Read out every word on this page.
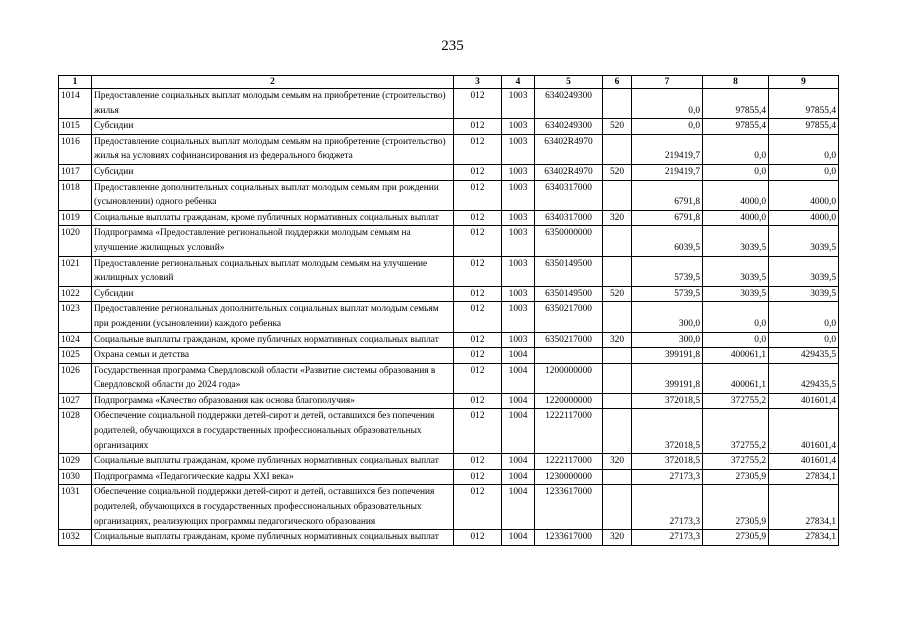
235
1	2	3	4	5	6	7	8	9
1014	Предоставление социальных выплат молодым семьям на приобретение (строительство) жилья	012	1003	6340249300		0,0	97855,4	97855,4
1015	Субсидии	012	1003	6340249300	520	0,0	97855,4	97855,4
1016	Предоставление социальных выплат молодым семьям на приобретение (строительство) жилья на условиях софинансирования из федерального бюджета	012	1003	63402R4970		219419,7	0,0	0,0
1017	Субсидии	012	1003	63402R4970	520	219419,7	0,0	0,0
1018	Предоставление дополнительных социальных выплат молодым семьям при рождении (усыновлении) одного ребенка	012	1003	6340317000		6791,8	4000,0	4000,0
1019	Социальные выплаты гражданам, кроме публичных нормативных социальных выплат	012	1003	6340317000	320	6791,8	4000,0	4000,0
1020	Подпрограмма «Предоставление региональной поддержки молодым семьям на улучшение жилищных условий»	012	1003	6350000000		6039,5	3039,5	3039,5
1021	Предоставление региональных социальных выплат молодым семьям на улучшение жилищных условий	012	1003	6350149500		5739,5	3039,5	3039,5
1022	Субсидии	012	1003	6350149500	520	5739,5	3039,5	3039,5
1023	Предоставление региональных дополнительных социальных выплат молодым семьям при рождении (усыновлении) каждого ребенка	012	1003	6350217000		300,0	0,0	0,0
1024	Социальные выплаты гражданам, кроме публичных нормативных социальных выплат	012	1003	6350217000	320	300,0	0,0	0,0
1025	Охрана семьи и детства	012	1004			399191,8	400061,1	429435,5
1026	Государственная программа Свердловской области «Развитие системы образования в Свердловской области до 2024 года»	012	1004	1200000000		399191,8	400061,1	429435,5
1027	Подпрограмма «Качество образования как основа благополучия»	012	1004	1220000000		372018,5	372755,2	401601,4
1028	Обеспечение социальной поддержки детей-сирот и детей, оставшихся без попечения родителей, обучающихся в государственных профессиональных образовательных организациях	012	1004	1222117000		372018,5	372755,2	401601,4
1029	Социальные выплаты гражданам, кроме публичных нормативных социальных выплат	012	1004	1222117000	320	372018,5	372755,2	401601,4
1030	Подпрограмма «Педагогические кадры XXI века»	012	1004	1230000000		27173,3	27305,9	27834,1
1031	Обеспечение социальной поддержки детей-сирот и детей, оставшихся без попечения родителей, обучающихся в государственных профессиональных образовательных организациях, реализующих программы педагогического образования	012	1004	1233617000		27173,3	27305,9	27834,1
1032	Социальные выплаты гражданам, кроме публичных нормативных социальных выплат	012	1004	1233617000	320	27173,3	27305,9	27834,1
